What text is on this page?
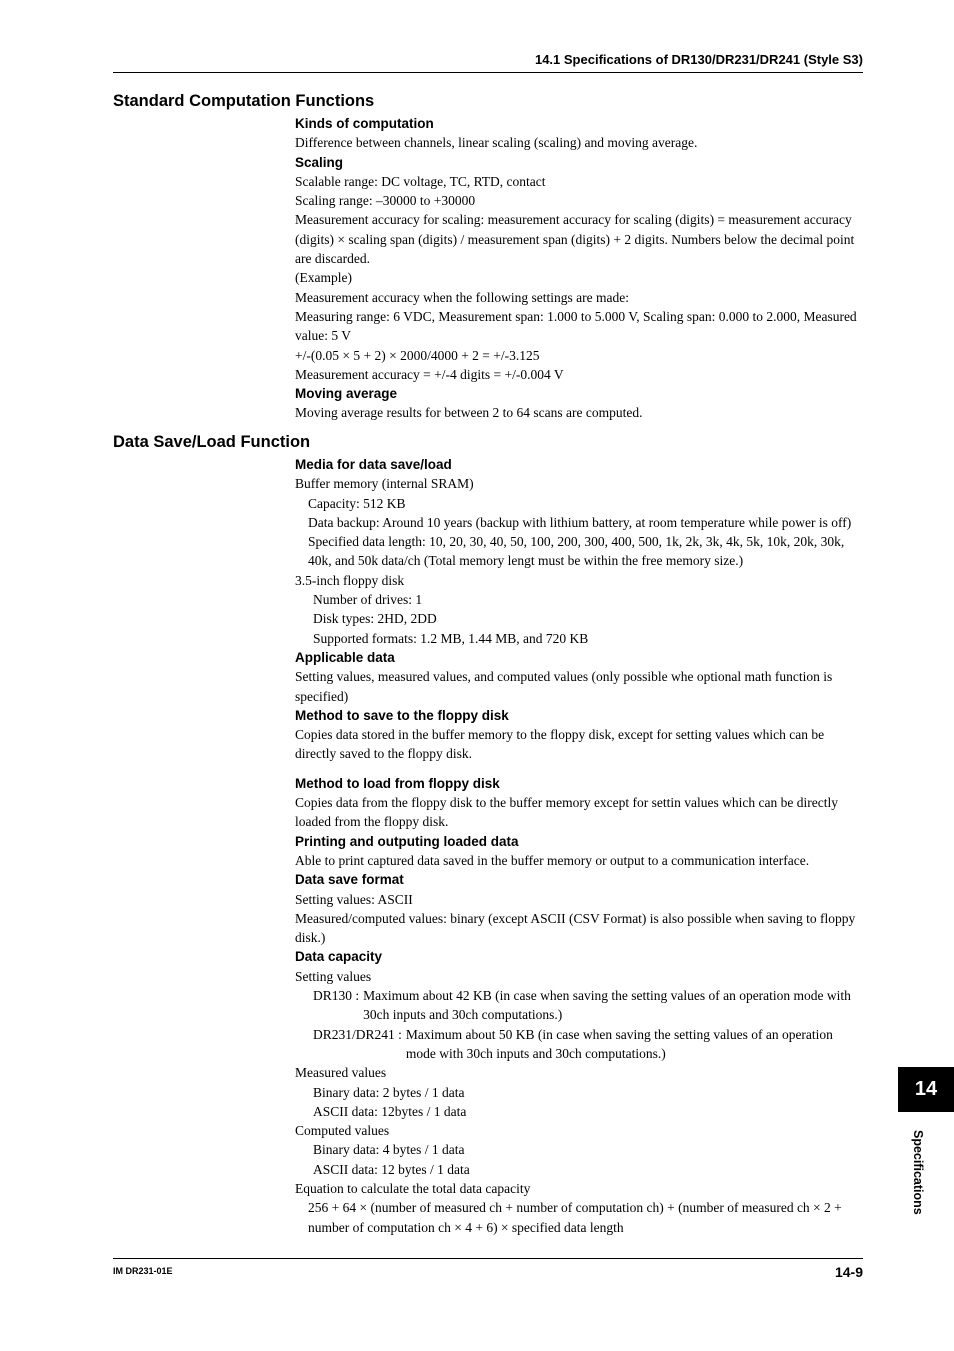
14.1 Specifications of DR130/DR231/DR241 (Style S3)
Standard Computation Functions
Kinds of computation
Difference between channels, linear scaling (scaling) and moving average.
Scaling
Scalable range: DC voltage, TC, RTD, contact
Scaling range: –30000 to +30000
Measurement accuracy for scaling: measurement accuracy for scaling (digits) = measurement accuracy (digits) × scaling span (digits) / measurement span (digits) + 2 digits. Numbers below the decimal point are discarded.
(Example)
Measurement accuracy when the following settings are made:
Measuring range: 6 VDC, Measurement span: 1.000 to 5.000 V, Scaling span: 0.000 to 2.000, Measured value: 5 V
+/-(0.05 × 5 + 2) × 2000/4000 + 2 = +/-3.125
Measurement accuracy = +/-4 digits = +/-0.004 V
Moving average
Moving average results for between 2 to 64 scans are computed.
Data Save/Load Function
Media for data save/load
Buffer memory (internal SRAM)
Capacity: 512 KB
Data backup: Around 10 years (backup with lithium battery, at room temperature while power is off)
Specified data length: 10, 20, 30, 40, 50, 100, 200, 300, 400, 500, 1k, 2k, 3k, 4k, 5k, 10k, 20k, 30k, 40k, and 50k data/ch (Total memory lengt must be within the free memory size.)
3.5-inch floppy disk
Number of drives: 1
Disk types: 2HD, 2DD
Supported formats: 1.2 MB, 1.44 MB, and 720 KB
Applicable data
Setting values, measured values, and computed values (only possible whe optional math function is specified)
Method to save to the floppy disk
Copies data stored in the buffer memory to the floppy disk, except for setting values which can be directly saved to the floppy disk.
Method to load from floppy disk
Copies data from the floppy disk to the buffer memory except for settin values which can be directly loaded from the floppy disk.
Printing and outputing loaded data
Able to print captured data saved in the buffer memory or output to a communication interface.
Data save format
Setting values: ASCII
Measured/computed values: binary (except ASCII (CSV Format) is also possible when saving to floppy disk.)
Data capacity
Setting values
DR130 : Maximum about 42 KB (in case when saving the setting values of an operation mode with 30ch inputs and 30ch computations.)
DR231/DR241 : Maximum about 50 KB (in case when saving the setting values of an operation mode with 30ch inputs and 30ch computations.)
Measured values
Binary data: 2 bytes / 1 data
ASCII data: 12bytes / 1 data
Computed values
Binary data: 4 bytes / 1 data
ASCII data: 12 bytes / 1 data
Equation to calculate the total data capacity
256 + 64 × (number of measured ch + number of computation ch) + (number of measured ch × 2 + number of computation ch × 4 + 6) × specified data length
IM DR231-01E	14-9
14
Specifications
